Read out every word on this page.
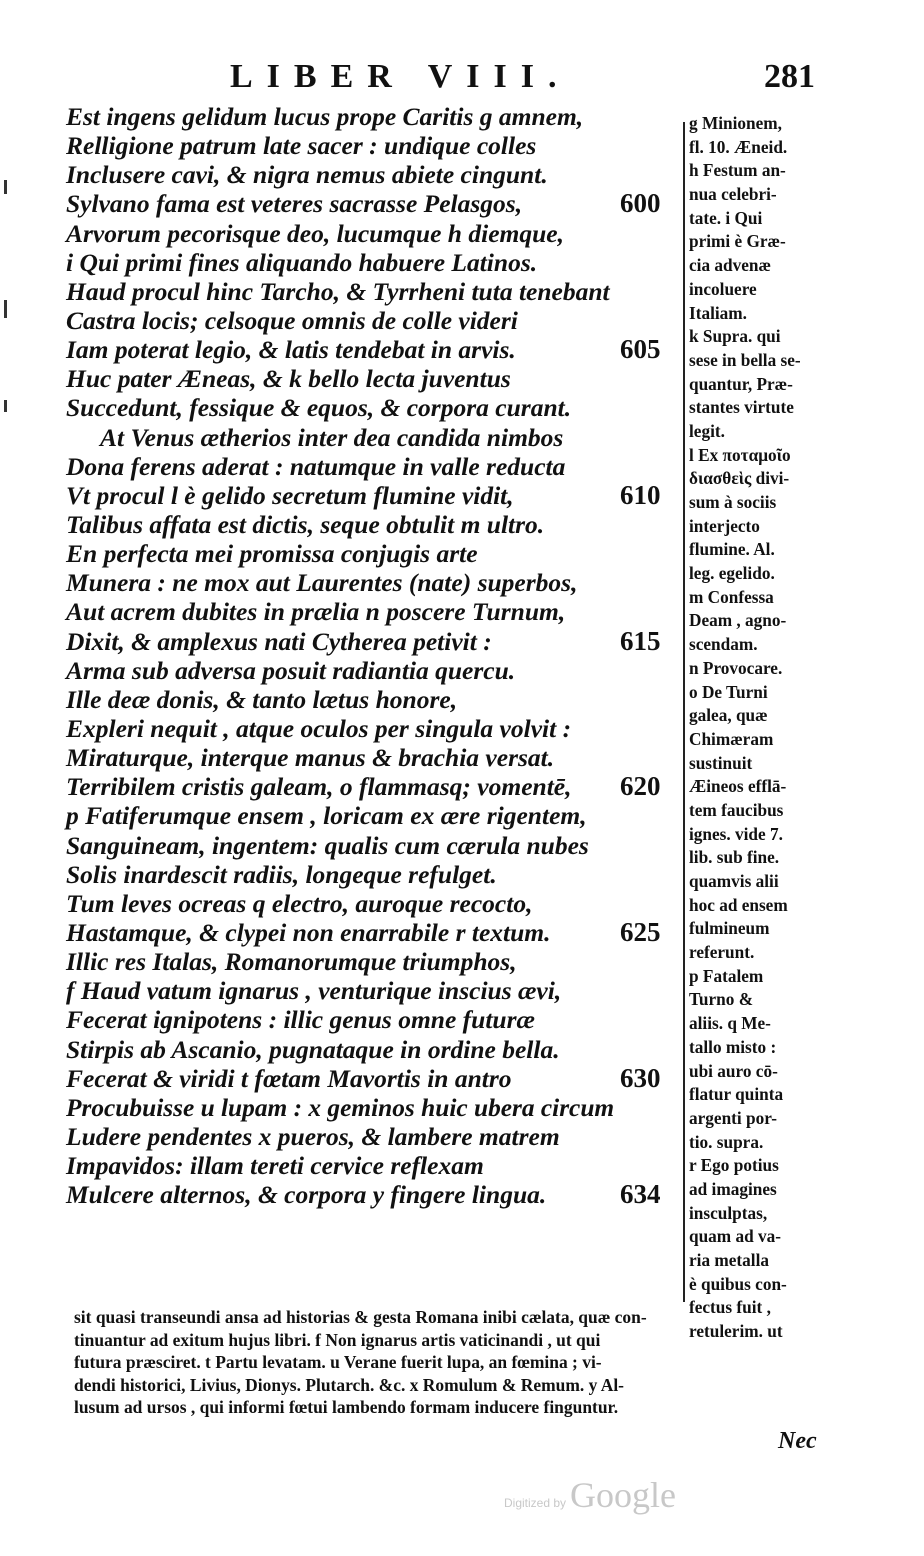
LIBER VIII.	281
Est ingens gelidum lucus prope Caritis g amnem,
Relligione patrum late sacer : undique colles
Inclusere cavi, & nigra nemus abiete cingunt.
Sylvano fama est veteres sacrasse Pelasgos,	600
Arvorum pecorisque deo, lucumque h diemque,
i Qui primi fines aliquando habuere Latinos.
Haud procul hinc Tarcho, & Tyrrheni tuta tenebant
Castra locis; celsoque omnis de colle videri
Iam poterat legio, & latis tendebat in arvis.	605
Huc pater Æneas, & k bello lecta juventus
Succedunt, fessique & equos, & corpora curant.
At Venus ætherios inter dea candida nimbos
Dona ferens aderat : natumque in valle reducta
Vt procul l è gelido secretum flumine vidit,	610
Talibus affata est dictis, seque obtulit m ultro.
En perfecta mei promissa conjugis arte
Munera : ne mox aut Laurentes (nate) superbos,
Aut acrem dubites in prælia n poscere Turnum,
Dixit, & amplexus nati Cytherea petivit :	615
Arma sub adversa posuit radiantia quercu.
Ille deæ donis, & tanto lætus honore,
Expleri nequit , atque oculos per singula volvit :
Miraturque, interque manus & brachia versat.
Terribilem cristis galeam, o flammasq; vomentē, 620
p Fatiferumque ensem , loricam ex ære rigentem,
Sanguineam, ingentem: qualis cum cærula nubes
Solis inardescit radiis, longeque refulget.
Tum leves ocreas q electro, auroque recocto,
Hastamque, & clypei non enarrabile r textum.	625
Illic res Italas, Romanorumque triumphos,
f Haud vatum ignarus , venturique inscius ævi,
Fecerat ignipotens : illic genus omne futuræ
Stirpis ab Ascanio, pugnataque in ordine bella.
Fecerat & viridi t fœtam Mavortis in antro	630
Procubuisse u lupam : x geminos huic ubera circum
Ludere pendentes x pueros, & lambere matrem
Impavidos: illam tereti cervice reflexam
Mulcere alternos, & corpora y fingere lingua.	634
g Minionem,
fl. 10. Æneid.
h Festum an-
nua celebri-
tate. i Qui
primi è Græ-
cia advenæ
incoluere
Italiam.
k Supra. qui
sese in bella se-
quantur, Præ-
stantes virtute
legit.
l Ex ποταμοῖο
διασθεὶς divi-
sum à sociis
interjecto
flumine. Al.
leg. egelido.
m Confessa
Deam , agno-
scendam.
n Provocare.
o De Turni
galea, quæ
Chimæram
sustinuit
Æineos efflā-
tem faucibus
ignes. vide 7.
lib. sub fine.
quamvis alii
hoc ad ensem
fulmineum
referunt.
p Fatalem
Turno &
aliis. q Me-
tallo misto :
ubi auro cō-
flatur quinta
argenti por-
tio. supra.
r Ego potius
ad imagines
insculptas,
quam ad va-
ria metalla
è quibus con-
fectus fuit ,
retulerim. ut
sit quasi transeundi ansa ad historias & gesta Romana inibi cælata, quæ con-
tinuantur ad exitum hujus libri. f Non ignarus artis vaticinandi , ut qui
futura præsciret. t Partu levatam. u Verane fuerit lupa, an fœmina ; vi-
dendi historici, Livius, Dionys. Plutarch. &c. x Romulum & Remum. y Al-
lusum ad ursos , qui informi fœtui lambendo formam inducere finguntur.
Nec
Digitized by Google
